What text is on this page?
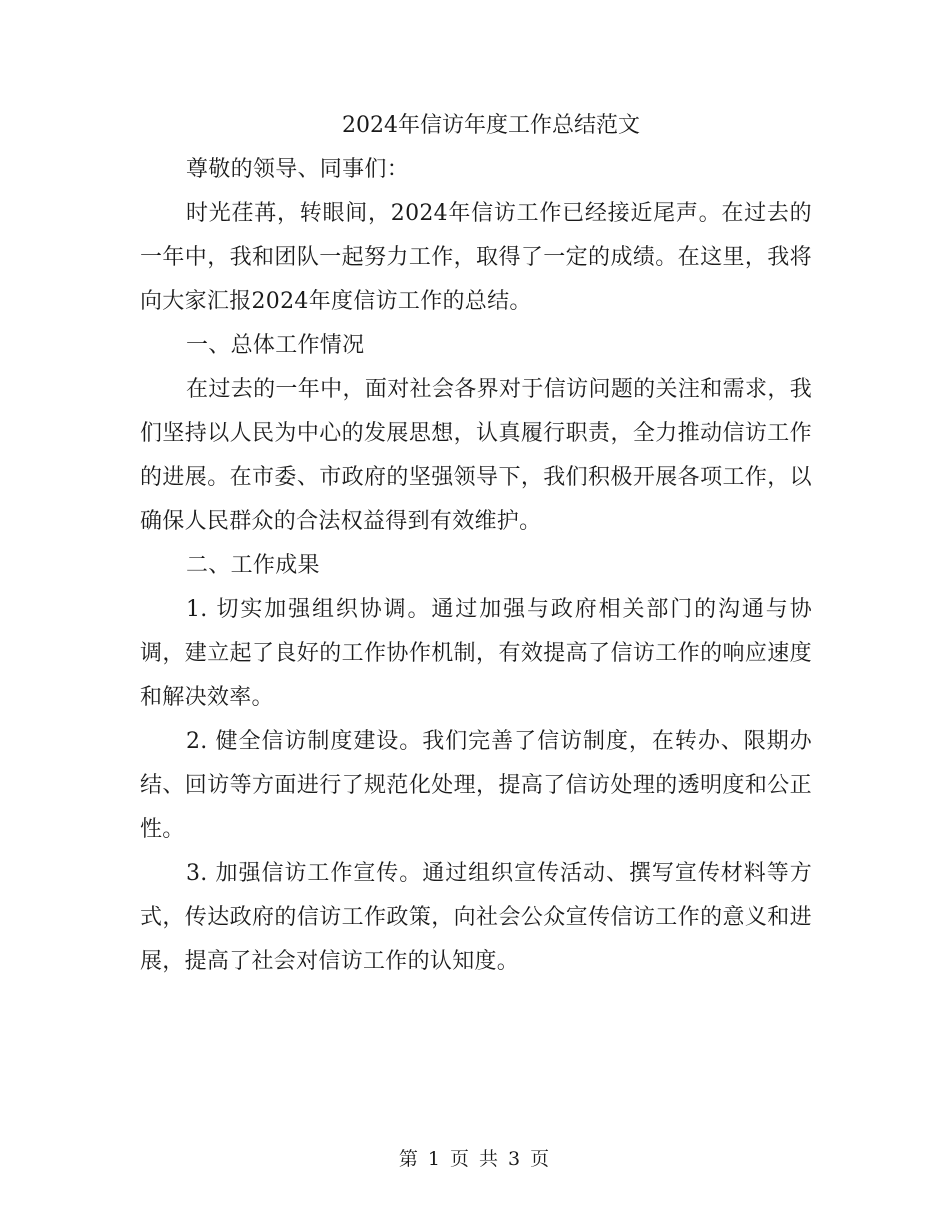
2024年信访年度工作总结范文

尊敬的领导、同事们：

时光荏苒，转眼间，2024年信访工作已经接近尾声。在过去的一年中，我和团队一起努力工作，取得了一定的成绩。在这里，我将向大家汇报2024年度信访工作的总结。

一、总体工作情况

在过去的一年中，面对社会各界对于信访问题的关注和需求，我们坚持以人民为中心的发展思想，认真履行职责，全力推动信访工作的进展。在市委、市政府的坚强领导下，我们积极开展各项工作，以确保人民群众的合法权益得到有效维护。

二、工作成果

1. 切实加强组织协调。通过加强与政府相关部门的沟通与协调，建立起了良好的工作协作机制，有效提高了信访工作的响应速度和解决效率。

2. 健全信访制度建设。我们完善了信访制度，在转办、限期办结、回访等方面进行了规范化处理，提高了信访处理的透明度和公正性。

3. 加强信访工作宣传。通过组织宣传活动、撰写宣传材料等方式，传达政府的信访工作政策，向社会公众宣传信访工作的意义和进展，提高了社会对信访工作的认知度。

第 1 页 共 3 页
